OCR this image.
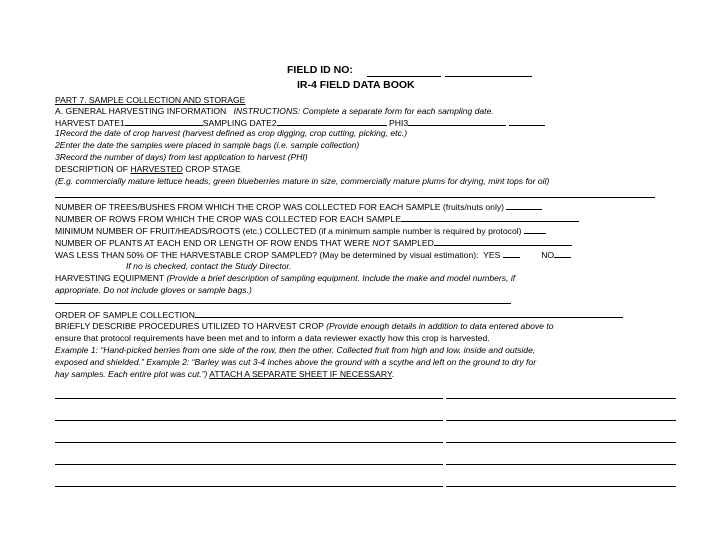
FIELD ID NO:
IR-4 FIELD DATA BOOK
PART 7. SAMPLE COLLECTION AND STORAGE
A. GENERAL HARVESTING INFORMATION INSTRUCTIONS: Complete a separate form for each sampling date.
HARVEST DATE1	SAMPLING DATE2	PHI3
1Record the date of crop harvest (harvest defined as crop digging, crop cutting, picking, etc.)
2Enter the date the samples were placed in sample bags (i.e. sample collection)
3Record the number of days) from last application to harvest (PHI)
DESCRIPTION OF HARVESTED CROP STAGE
(E.g. commercially mature lettuce heads, green blueberries mature in size, commercially mature plums for drying, mint tops for oil)
NUMBER OF TREES/BUSHES FROM WHICH THE CROP WAS COLLECTED FOR EACH SAMPLE (fruits/nuts only)
NUMBER OF ROWS FROM WHICH THE CROP WAS COLLECTED FOR EACH SAMPLE
MINIMUM NUMBER OF FRUIT/HEADS/ROOTS (etc.) COLLECTED (if a minimum sample number is required by protocol)
NUMBER OF PLANTS AT EACH END OR LENGTH OF ROW ENDS THAT WERE NOT SAMPLED
WAS LESS THAN 50% OF THE HARVESTABLE CROP SAMPLED? (May be determined by visual estimation): YES	NO
If no is checked, contact the Study Director.
HARVESTING EQUIPMENT (Provide a brief description of sampling equipment. Include the make and model numbers, if
appropriate. Do not include gloves or sample bags.)
ORDER OF SAMPLE COLLECTION
BRIEFLY DESCRIBE PROCEDURES UTILIZED TO HARVEST CROP (Provide enough details in addition to data entered above to
ensure that protocol requirements have been met and to inform a data reviewer exactly how this crop is harvested.
Example 1: “Hand-picked berries from one side of the row, then the other. Collected fruit from high and low, inside and outside,
exposed and shielded.” Example 2: “Barley was cut 3-4 inches above the ground with a scythe and left on the ground to dry for
hay samples. Each entire plot was cut.”) ATTACH A SEPARATE SHEET IF NECESSARY.
